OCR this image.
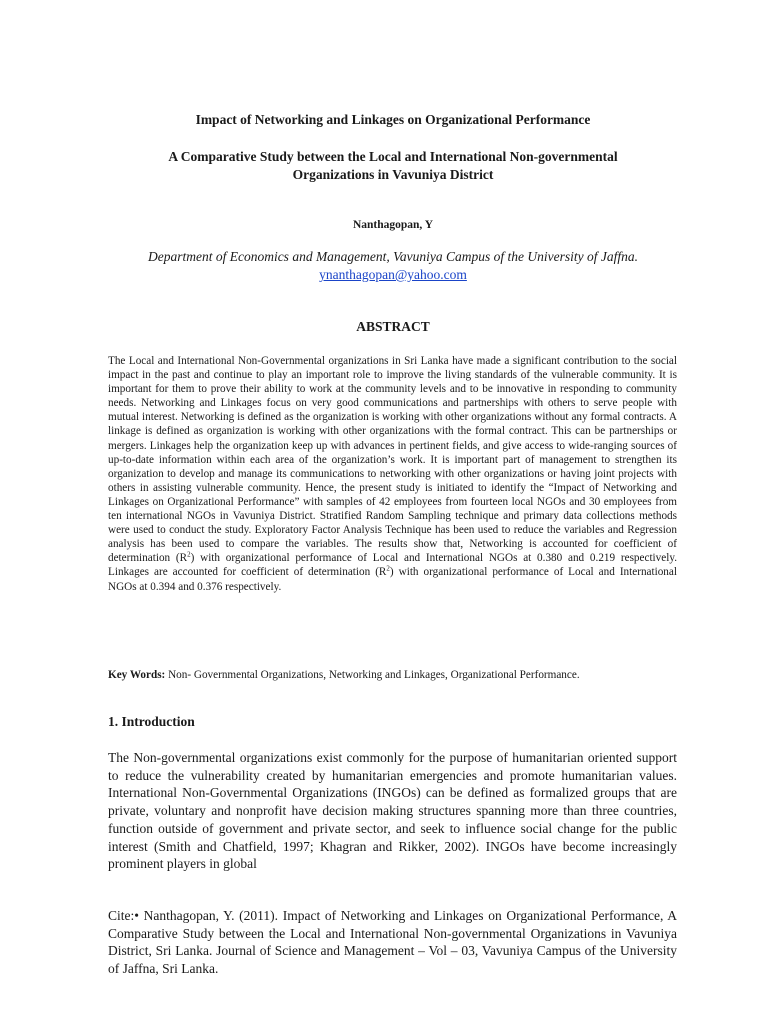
Impact of Networking and Linkages on Organizational Performance
A Comparative Study between the Local and International Non-governmental
Organizations in Vavuniya District
Nanthagopan, Y
Department of Economics and Management, Vavuniya Campus of the University of Jaffna.
ynanthagopan@yahoo.com
ABSTRACT
The Local and International Non-Governmental organizations in Sri Lanka have made a significant contribution to the social impact in the past and continue to play an important role to improve the living standards of the vulnerable community. It is important for them to prove their ability to work at the community levels and to be innovative in responding to community needs. Networking and Linkages focus on very good communications and partnerships with others to serve people with mutual interest. Networking is defined as the organization is working with other organizations without any formal contracts. A linkage is defined as organization is working with other organizations with the formal contract. This can be partnerships or mergers. Linkages help the organization keep up with advances in pertinent fields, and give access to wide-ranging sources of up-to-date information within each area of the organization’s work. It is important part of management to strengthen its organization to develop and manage its communications to networking with other organizations or having joint projects with others in assisting vulnerable community. Hence, the present study is initiated to identify the “Impact of Networking and Linkages on Organizational Performance” with samples of 42 employees from fourteen local NGOs and 30 employees from ten international NGOs in Vavuniya District. Stratified Random Sampling technique and primary data collections methods were used to conduct the study. Exploratory Factor Analysis Technique has been used to reduce the variables and Regression analysis has been used to compare the variables. The results show that, Networking is accounted for coefficient of determination $(R^2)$ with organizational performance of Local and International NGOs at 0.380 and 0.219 respectively. Linkages are accounted for coefficient of determination $(R^2)$ with organizational performance of Local and International NGOs at 0.394 and 0.376 respectively.
Key Words: Non- Governmental Organizations, Networking and Linkages, Organizational Performance.
1. Introduction
The Non-governmental organizations exist commonly for the purpose of humanitarian oriented support to reduce the vulnerability created by humanitarian emergencies and promote humanitarian values. International Non-Governmental Organizations (INGOs) can be defined as formalized groups that are private, voluntary and nonprofit have decision making structures spanning more than three countries, function outside of government and private sector, and seek to influence social change for the public interest (Smith and Chatfield, 1997; Khagran and Rikker, 2002). INGOs have become increasingly prominent players in global
Cite:• Nanthagopan, Y. (2011). Impact of Networking and Linkages on Organizational Performance, A Comparative Study between the Local and International Non-governmental Organizations in Vavuniya District, Sri Lanka. Journal of Science and Management – Vol – 03, Vavuniya Campus of the University of Jaffna, Sri Lanka.
